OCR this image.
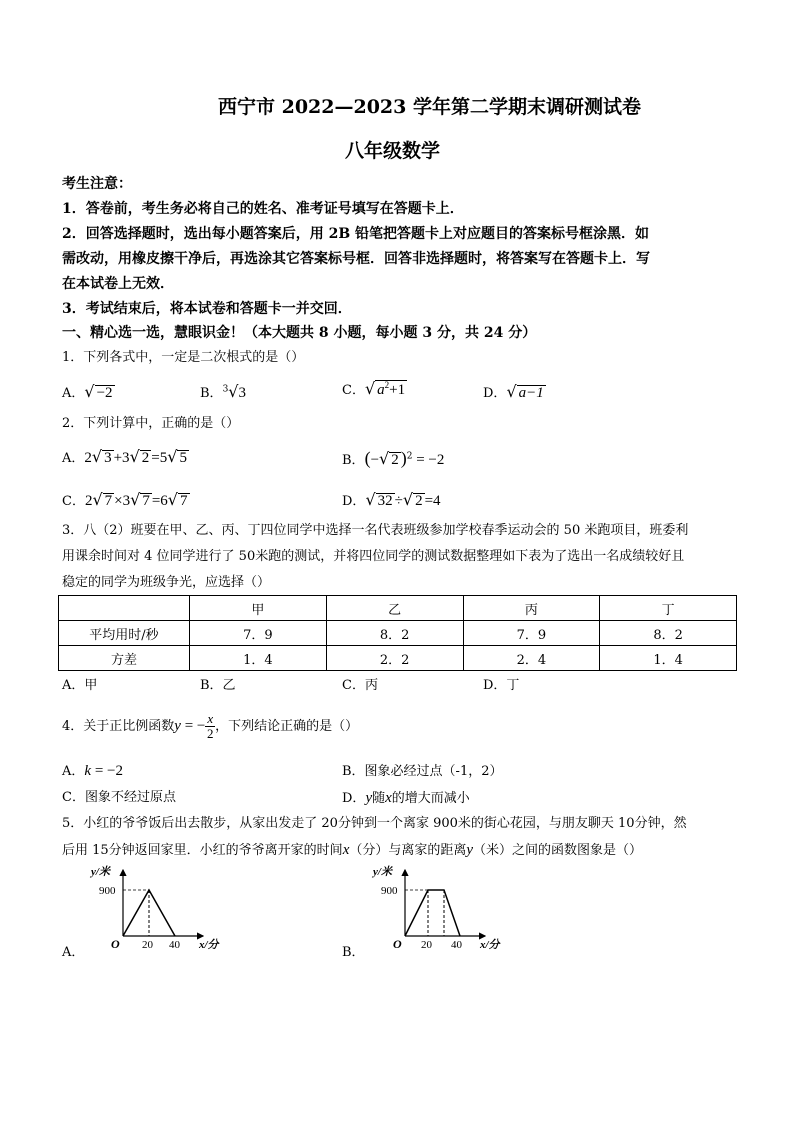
西宁市 2022—2023 学年第二学期末调研测试卷
八年级数学
考生注意：
1．答卷前，考生务必将自己的姓名、准考证号填写在答题卡上．
2．回答选择题时，选出每小题答案后，用 2B 铅笔把答题卡上对应题目的答案标号框涂黑．如
需改动，用橡皮擦干净后，再选涂其它答案标号框．回答非选择题时，将答案写在答题卡上．写
在本试卷上无效．
3．考试结束后，将本试卷和答题卡一并交回．
一、精心选一选，慧眼识金！（本大题共 8 小题，每小题 3 分，共 24 分）
1．下列各式中，一定是二次根式的是（）
A．√ −2	B．$^3$√3	C．√ $a^2+1$	D．√ a−1
2．下列计算中，正确的是（）
A．2√ 3 +3√ 2 =5√ 5	B．(−√ 2 )$^2$ = −2
C．2√ 7 ×3√ 7 =6√ 7	D．√ 32 ÷√ 2 =4
3．八（2）班要在甲、乙、丙、丁四位同学中选择一名代表班级参加学校春季运动会的 50 米跑项目，班委利
用课余时间对 4 位同学进行了 50米跑的测试，并将四位同学的测试数据整理如下表为了选出一名成绩较好且
稳定的同学为班级争光，应选择（）
	甲	乙	丙	丁
平均用时/秒	7．9	8．2	7．9	8．2
方差	1．4	2．2	2．4	1．4
A．甲	B．乙	C．丙	D．丁
4．关于正比例函数y = − $\frac{x}{2}$ ，下列结论正确的是（）
A．k = −2	B．图象必经过点（-1，2）
C．图象不经过原点	D．y随x的增大而减小
5．小红的爷爷饭后出去散步，从家出发走了 20分钟到一个离家 900米的街心花园，与朋友聊天 10分钟，然
后用 15分钟返回家里．小红的爷爷离开家的时间x（分）与离家的距离y（米）之间的函数图象是（）
A．
y/米
900
O 20 40 x/分	B．
y/米
900
O 20 40 x/分
